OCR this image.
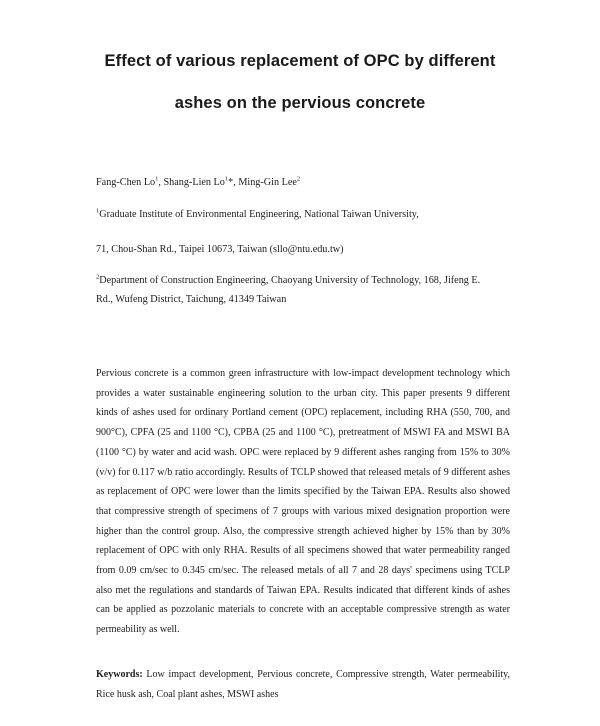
Effect of various replacement of OPC by different
ashes on the pervious concrete

Fang-Chen Lo$^1$, Shang-Lien Lo$^1$*, Ming-Gin Lee$^2$

$^1$Graduate Institute of Environmental Engineering, National Taiwan University,

71, Chou-Shan Rd., Taipei 10673, Taiwan (sllo@ntu.edu.tw)

$^2$Department of Construction Engineering, Chaoyang University of Technology, 168, Jifeng E.

Rd., Wufeng District, Taichung, 41349 Taiwan

Pervious concrete is a common green infrastructure with low-impact development technology which provides a water sustainable engineering solution to the urban city. This paper presents 9 different kinds of ashes used for ordinary Portland cement (OPC) replacement, including RHA (550, 700, and 900°C), CPFA (25 and 1100 °C), CPBA (25 and 1100 °C), pretreatment of MSWI FA and MSWI BA (1100 °C) by water and acid wash. OPC were replaced by 9 different ashes ranging from 15% to 30% (v/v) for 0.117 w/b ratio accordingly. Results of TCLP showed that released metals of 9 different ashes as replacement of OPC were lower than the limits specified by the Taiwan EPA. Results also showed that compressive strength of specimens of 7 groups with various mixed designation proportion were higher than the control group. Also, the compressive strength achieved higher by 15% than by 30% replacement of OPC with only RHA. Results of all specimens showed that water permeability ranged from 0.09 cm/sec to 0.345 cm/sec. The released metals of all 7 and 28 days' specimens using TCLP also met the regulations and standards of Taiwan EPA. Results indicated that different kinds of ashes can be applied as pozzolanic materials to concrete with an acceptable compressive strength as water permeability as well.

Keywords: Low impact development, Pervious concrete, Compressive strength, Water permeability, Rice husk ash, Coal plant ashes, MSWI ashes
